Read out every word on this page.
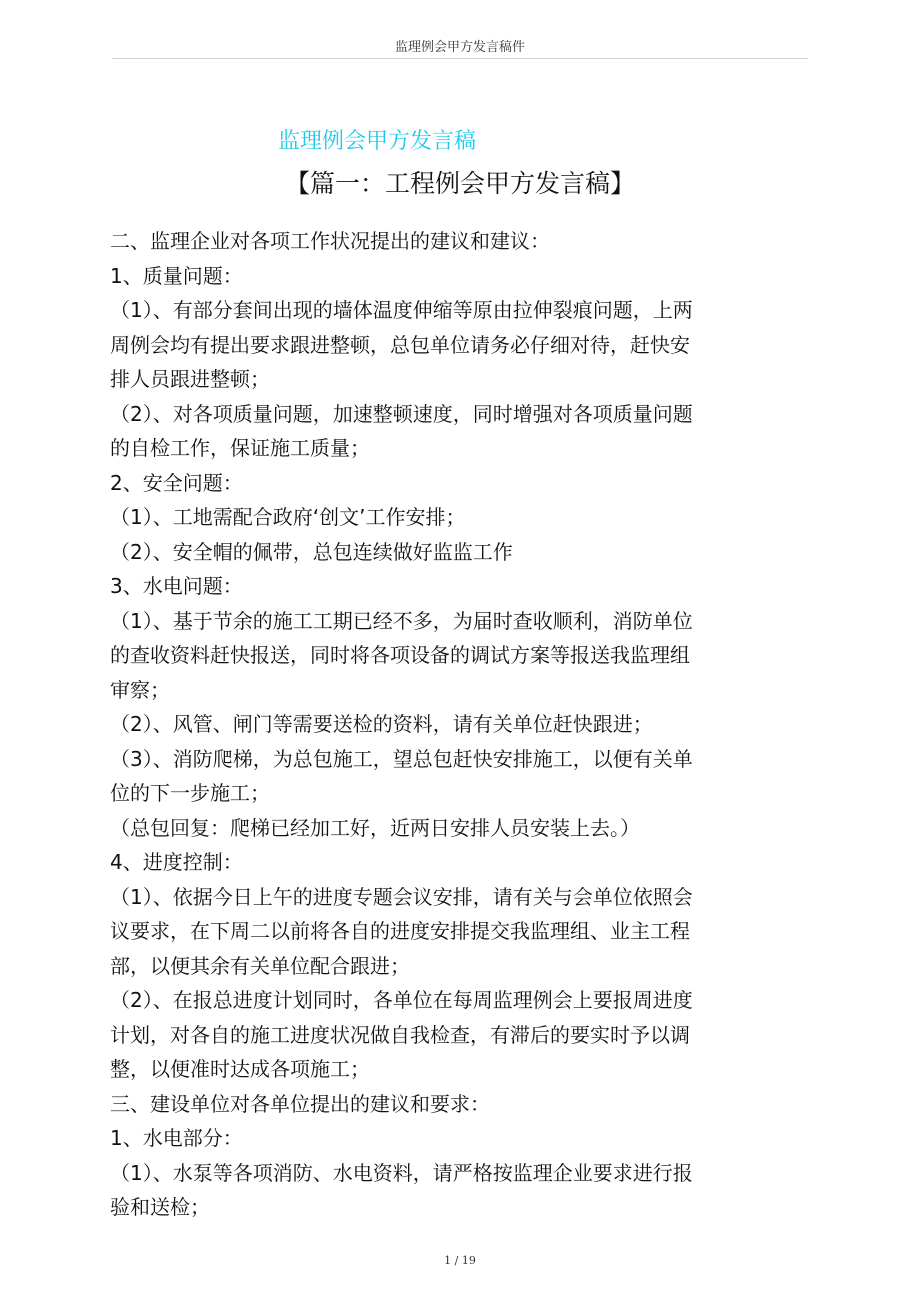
监理例会甲方发言稿件
监理例会甲方发言稿
【篇一：工程例会甲方发言稿】
二、监理企业对各项工作状况提出的建议和建议：
1、质量问题：
（1）、有部分套间出现的墙体温度伸缩等原由拉伸裂痕问题，上两
周例会均有提出要求跟进整顿，总包单位请务必仔细对待，赶快安
排人员跟进整顿；
（2）、对各项质量问题，加速整顿速度，同时增强对各项质量问题
的自检工作，保证施工质量；
2、安全问题：
（1）、工地需配合政府‘创文’工作安排；
（2）、安全帽的佩带，总包连续做好监监工作
3、水电问题：
（1）、基于节余的施工工期已经不多，为届时查收顺利，消防单位
的查收资料赶快报送，同时将各项设备的调试方案等报送我监理组
审察；
（2）、风管、闸门等需要送检的资料，请有关单位赶快跟进；
（3）、消防爬梯，为总包施工，望总包赶快安排施工，以便有关单
位的下一步施工；
（总包回复：爬梯已经加工好，近两日安排人员安装上去。）
4、进度控制：
（1）、依据今日上午的进度专题会议安排，请有关与会单位依照会
议要求，在下周二以前将各自的进度安排提交我监理组、业主工程
部，以便其余有关单位配合跟进；
（2）、在报总进度计划同时，各单位在每周监理例会上要报周进度
计划，对各自的施工进度状况做自我检查，有滞后的要实时予以调
整，以便准时达成各项施工；
三、建设单位对各单位提出的建议和要求：
1、水电部分：
（1）、水泵等各项消防、水电资料，请严格按监理企业要求进行报
验和送检；
1 / 19
